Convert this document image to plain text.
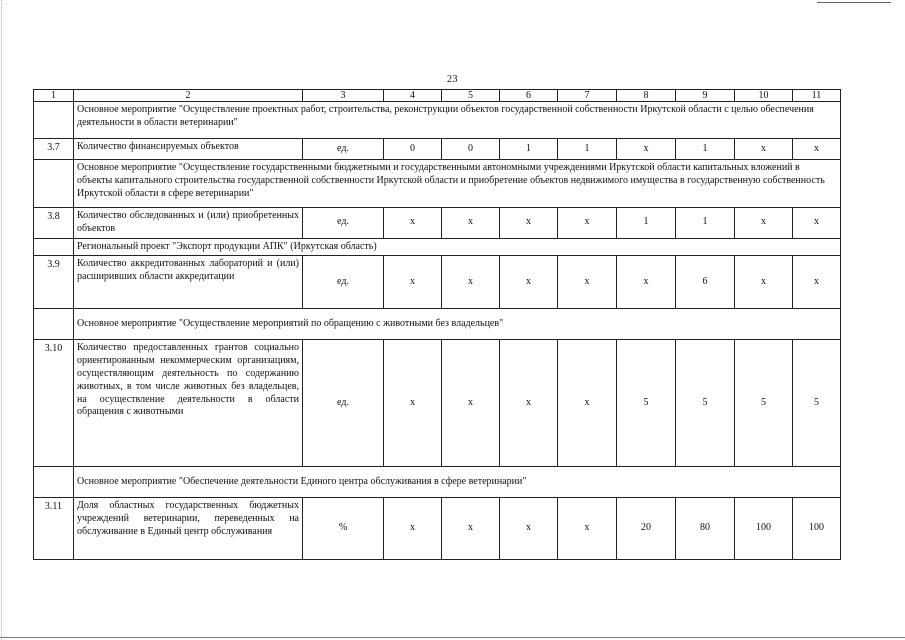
23
1	2	3	4	5	6	7	8	9	10	11
	Основное мероприятие "Осуществление проектных работ, строительства, реконструкции объектов государственной собственности Иркутской области с целью обеспечения деятельности в области ветеринарии"									
3.7	Количество финансируемых объектов	ед.	0	0	1	1	x	1	x	x
	Основное мероприятие "Осуществление государственными бюджетными и государственными автономными учреждениями Иркутской области капитальных вложений в объекты капитального строительства государственной собственности Иркутской области и приобретение объектов недвижимого имущества в государственную собственность Иркутской области в сфере ветеринарии"									
3.8	Количество обследованных и (или) приобретенных объектов	ед.	x	x	x	x	1	1	x	x
	Региональный проект "Экспорт продукции АПК" (Иркутская область)									
3.9	Количество аккредитованных лабораторий и (или) расширивших области аккредитации	ед.	x	x	x	x	x	6	x	x
	Основное мероприятие "Осуществление мероприятий по обращению с животными без владельцев"									
3.10	Количество предоставленных грантов социально ориентированным некоммерческим организациям, осуществляющим деятельность по содержанию животных, в том числе животных без владельцев, на осуществление деятельности в области обращения с животными	ед.	x	x	x	x	5	5	5	5
	Основное мероприятие "Обеспечение деятельности Единого центра обслуживания в сфере ветеринарии"									
3.11	Доля областных государственных бюджетных учреждений ветеринарии, переведенных на обслуживание в Единый центр обслуживания	%	x	x	x	x	20	80	100	100
